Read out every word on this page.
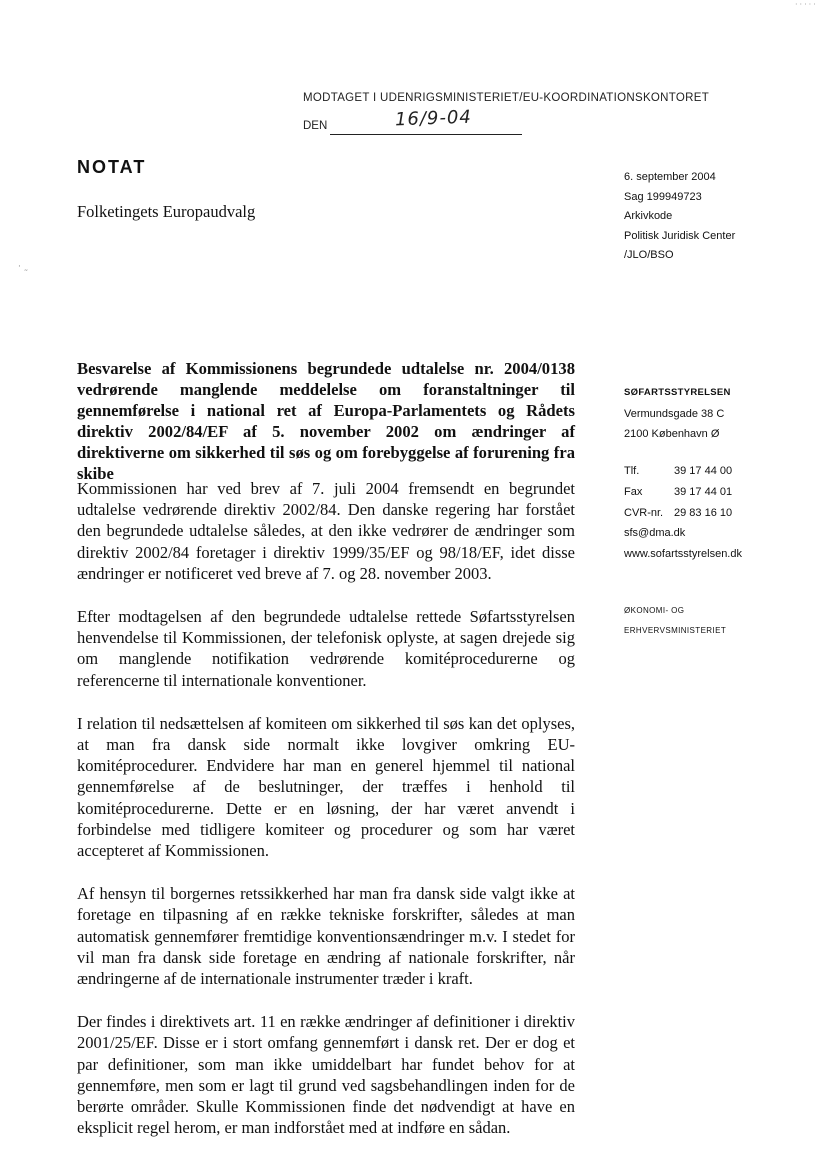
·····
· ˷
MODTAGET I UDENRIGSMINISTERIET/EU-KOORDINATIONSKONTORET
DEN	16/9-04
NOTAT
Folketingets Europaudvalg
6. september 2004
Sag 199949723
Arkivkode
Politisk Juridisk Center
/JLO/BSO
Besvarelse af Kommissionens begrundede udtalelse nr. 2004/0138 vedrørende manglende meddelelse om foranstaltninger til gennemførelse i national ret af Europa-Parlamentets og Rådets direktiv 2002/84/EF af 5. november 2002 om ændringer af direktiverne om sikkerhed til søs og om forebyggelse af forurening fra skibe
SØFARTSSTYRELSEN
Vermundsgade 38 C
2100 København Ø
Tlf.	39 17 44 00
Fax	39 17 44 01
CVR-nr. 29 83 16 10
sfs@dma.dk
www.sofartsstyrelsen.dk
ØKONOMI- OG
ERHVERVSMINISTERIET

Kommissionen har ved brev af 7. juli 2004 fremsendt en begrundet udtalelse vedrørende direktiv 2002/84. Den danske regering har forstået den begrundede udtalelse således, at den ikke vedrører de ændringer som direktiv 2002/84 foretager i direktiv 1999/35/EF og 98/18/EF, idet disse ændringer er notificeret ved breve af 7. og 28. november 2003.

Efter modtagelsen af den begrundede udtalelse rettede Søfartsstyrelsen henvendelse til Kommissionen, der telefonisk oplyste, at sagen drejede sig om manglende notifikation vedrørende komitéprocedurerne og referencerne til internationale konventioner.

I relation til nedsættelsen af komiteen om sikkerhed til søs kan det oplyses, at man fra dansk side normalt ikke lovgiver omkring EU-komitéprocedurer. Endvidere har man en generel hjemmel til national gennemførelse af de beslutninger, der træffes i henhold til komitéprocedurerne. Dette er en løsning, der har været anvendt i forbindelse med tidligere komiteer og procedurer og som har været accepteret af Kommissionen.

Af hensyn til borgernes retssikkerhed har man fra dansk side valgt ikke at foretage en tilpasning af en række tekniske forskrifter, således at man automatisk gennemfører fremtidige konventionsændringer m.v. I stedet for vil man fra dansk side foretage en ændring af nationale forskrifter, når ændringerne af de internationale instrumenter træder i kraft.

Der findes i direktivets art. 11 en række ændringer af definitioner i direktiv 2001/25/EF. Disse er i stort omfang gennemført i dansk ret. Der er dog et par definitioner, som man ikke umiddelbart har fundet behov for at gennemføre, men som er lagt til grund ved sagsbehandlingen inden for de berørte områder. Skulle Kommissionen finde det nødvendigt at have en eksplicit regel herom, er man indforstået med at indføre en sådan.
